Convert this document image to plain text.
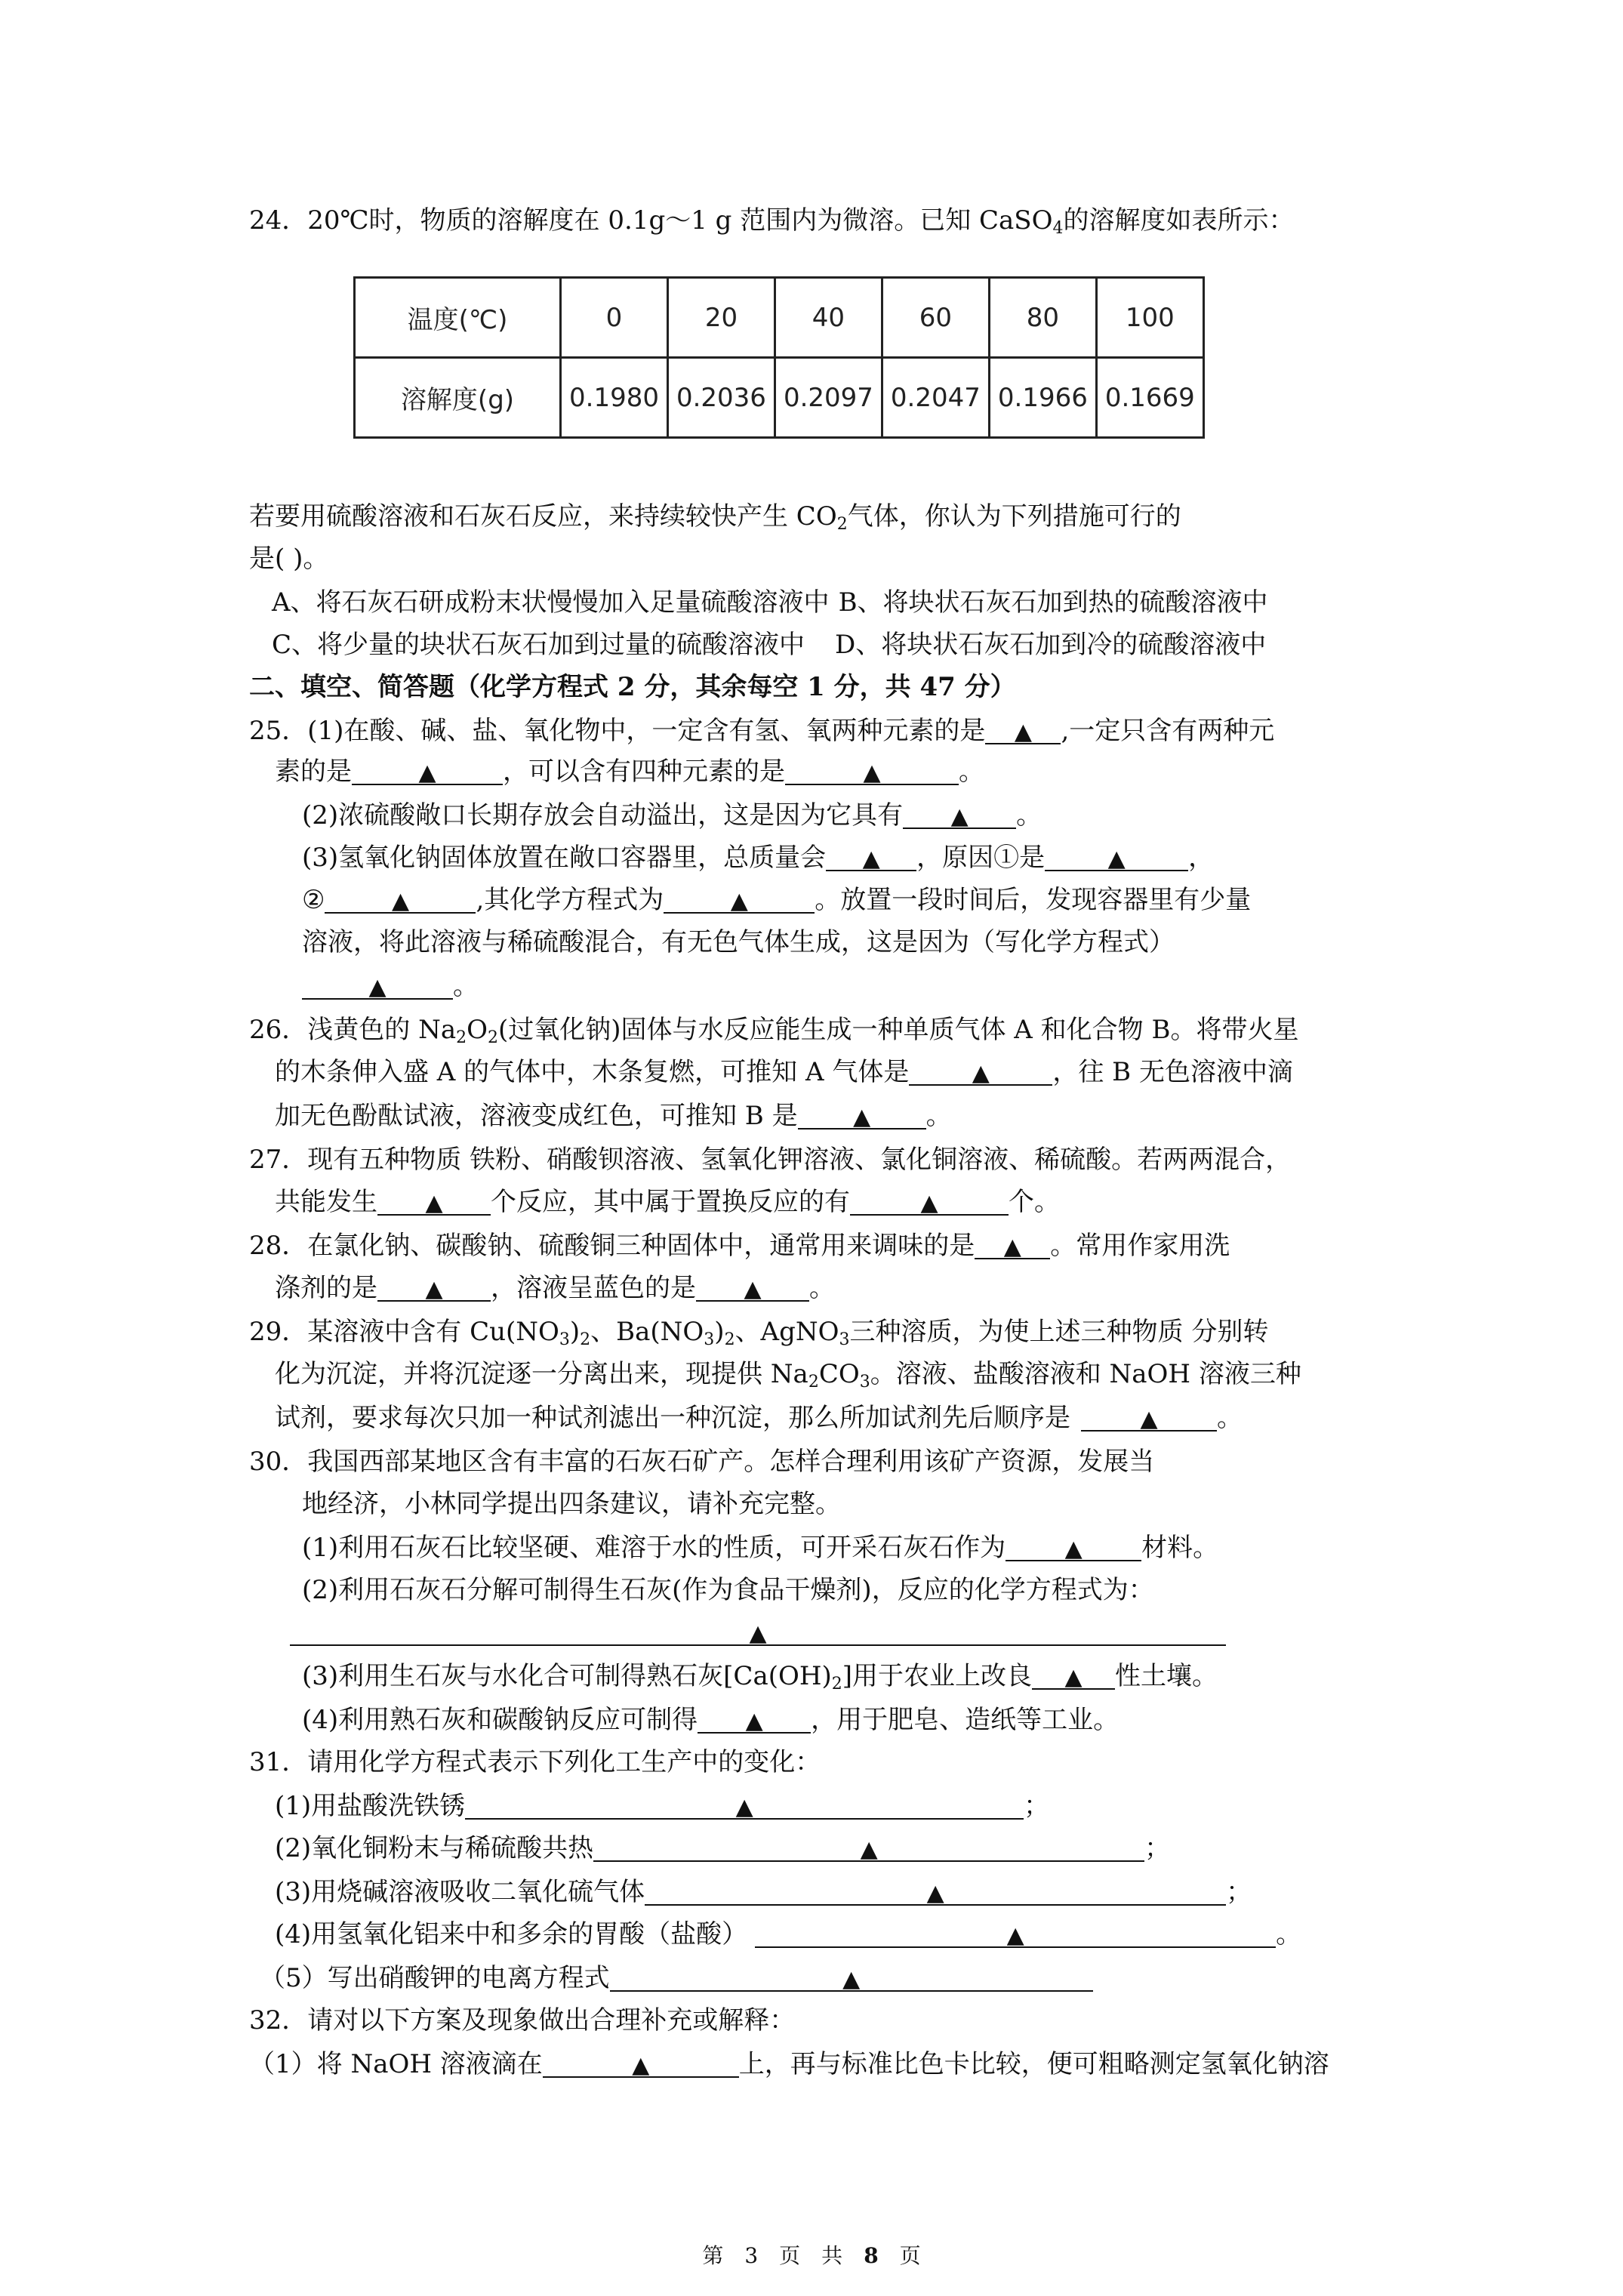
24．20℃时，物质的溶解度在 0.1g～1 g 范围内为微溶。已知 CaSO$_4$的溶解度如表所示：
温度(℃)	0	20	40	60	80	100
溶解度(g)	0.1980	0.2036	0.2097	0.2047	0.1966	0.1669
若要用硫酸溶液和石灰石反应，来持续较快产生 $CO_2$气体，你认为下列措施可行的
是( )。
A、将石灰石研成粉末状慢慢加入足量硫酸溶液中 B、将块状石灰石加到热的硫酸溶液中
C、将少量的块状石灰石加到过量的硫酸溶液中 D、将块状石灰石加到冷的硫酸溶液中
二、填空、简答题（化学方程式 2 分，其余每空 1 分，共 47 分）
25．(1)在酸、碱、盐、氧化物中，一定含有氢、氧两种元素的是 ▲ ,一定只含有两种元
素的是	▲	，可以含有四种元素的是	▲	。
(2)浓硫酸敞口长期存放会自动溢出，这是因为它具有 ▲ 。
(3)氢氧化钠固体放置在敞口容器里，总质量会 ▲ ，原因①是	▲ ，
②	▲	,其化学方程式为	▲	。放置一段时间后，发现容器里有少量
溶液，将此溶液与稀硫酸混合，有无色气体生成，这是因为（写化学方程式）
▲	。
26．浅黄色的 $Na_2O_2$(过氧化钠)固体与水反应能生成一种单质气体 A 和化合物 B。将带火星
的木条伸入盛 A 的气体中，木条复燃，可推知 A 气体是	▲ ，往 B 无色溶液中滴
加无色酚酞试液，溶液变成红色，可推知 B 是 ▲ 。
27．现有五种物质 铁粉、硝酸钡溶液、氢氧化钾溶液、氯化铜溶液、稀硫酸。若两两混合，
共能发生 ▲ 个反应，其中属于置换反应的有	▲	个。
28．在氯化钠、碳酸钠、硫酸铜三种固体中，通常用来调味的是 ▲ 。常用作家用洗
涤剂的是 ▲ ，溶液呈蓝色的是 ▲ 。
29．某溶液中含有 $Cu(NO_3)_2$、$Ba(NO_3)_2$、AgNO$_3$三种溶质，为使上述三种物质 分别转
化为沉淀，并将沉淀逐一分离出来，现提供 $Na_2CO_3$。溶液、盐酸溶液和 NaOH 溶液三种
试剂，要求每次只加一种试剂滤出一种沉淀，那么所加试剂先后顺序是	▲ 。
30．我国西部某地区含有丰富的石灰石矿产。怎样合理利用该矿产资源，发展当
地经济，小林同学提出四条建议，请补充完整。
(1)利用石灰石比较坚硬、难溶于水的性质，可开采石灰石作为	▲ 材料。
(2)利用石灰石分解可制得生石灰(作为食品干燥剂)，反应的化学方程式为：
▲
(3)利用生石灰与水化合可制得熟石灰$[Ca(OH)_2]$用于农业上改良 ▲ 性土壤。
(4)利用熟石灰和碳酸钠反应可制得 ▲ ，用于肥皂、造纸等工业。
31．请用化学方程式表示下列化工生产中的变化：
(1)用盐酸洗铁锈	▲	；
(2)氧化铜粉末与稀硫酸共热	▲	；
(3)用烧碱溶液吸收二氧化硫气体	▲	；
(4)用氢氧化铝来中和多余的胃酸（盐酸）	▲	。
（5）写出硝酸钾的电离方程式	▲
32．请对以下方案及现象做出合理补充或解释：
（1）将 NaOH 溶液滴在	▲	上，再与标准比色卡比较，便可粗略测定氢氧化钠溶
第 3 页 共 8 页
